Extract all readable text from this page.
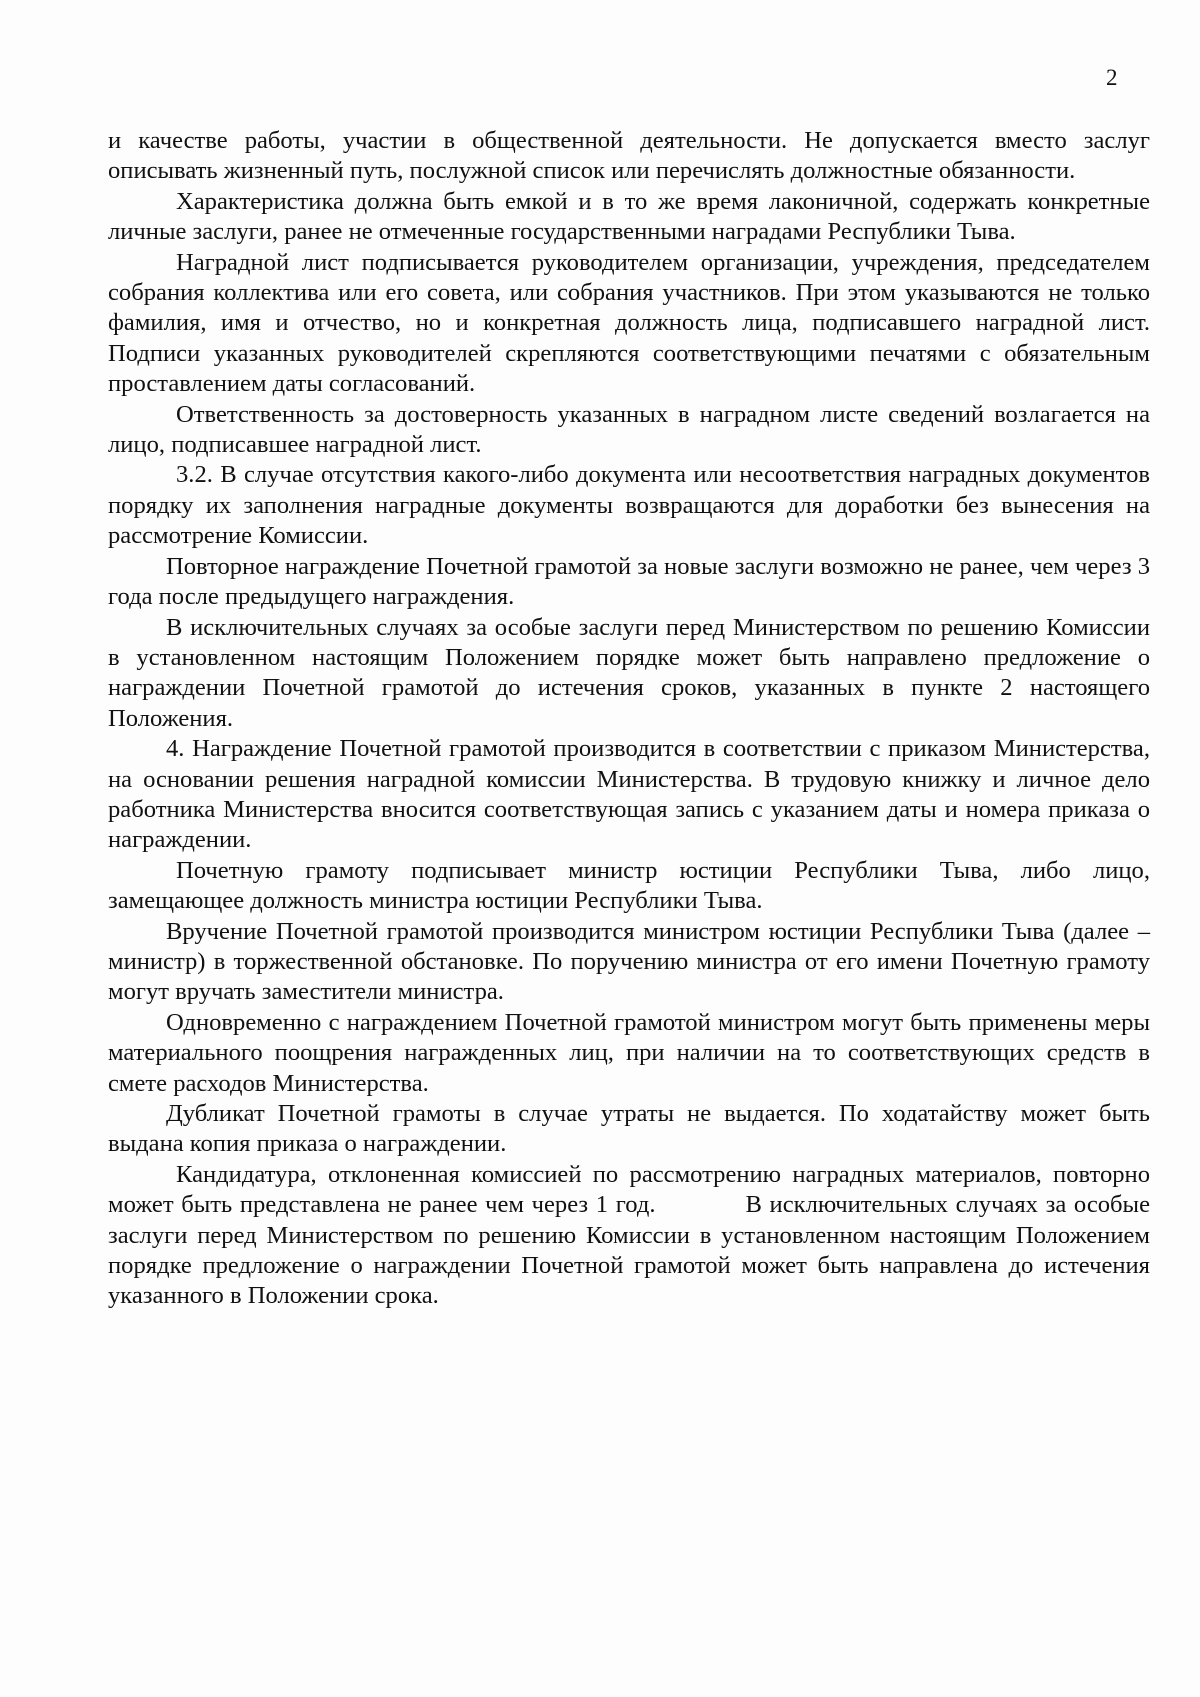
2

и качестве работы, участии в общественной деятельности. Не допускается вместо заслуг описывать жизненный путь, послужной список или перечислять должностные обязанности.

Характеристика должна быть емкой и в то же время лаконичной, содержать конкретные личные заслуги, ранее не отмеченные государственными наградами Республики Тыва.

Наградной лист подписывается руководителем организации, учреждения, председателем собрания коллектива или его совета, или собрания участников. При этом указываются не только фамилия, имя и отчество, но и конкретная должность лица, подписавшего наградной лист. Подписи указанных руководителей скрепляются соответствующими печатями с обязательным проставлением даты согласований.

Ответственность за достоверность указанных в наградном листе сведений возлагается на лицо, подписавшее наградной лист.

3.2. В случае отсутствия какого-либо документа или несоответствия наградных документов порядку их заполнения наградные документы возвращаются для доработки без вынесения на рассмотрение Комиссии.

Повторное награждение Почетной грамотой за новые заслуги возможно не ранее, чем через 3 года после предыдущего награждения.

В исключительных случаях за особые заслуги перед Министерством по решению Комиссии в установленном настоящим Положением порядке может быть направлено предложение о награждении Почетной грамотой до истечения сроков, указанных в пункте 2 настоящего Положения.

4. Награждение Почетной грамотой производится в соответствии с приказом Министерства, на основании решения наградной комиссии Министерства. В трудовую книжку и личное дело работника Министерства вносится соответствующая запись с указанием даты и номера приказа о награждении.

Почетную грамоту подписывает министр юстиции Республики Тыва, либо лицо, замещающее должность министра юстиции Республики Тыва.

Вручение Почетной грамотой производится министром юстиции Республики Тыва (далее – министр) в торжественной обстановке. По поручению министра от его имени Почетную грамоту могут вручать заместители министра.

Одновременно с награждением Почетной грамотой министром могут быть применены меры материального поощрения награжденных лиц, при наличии на то соответствующих средств в смете расходов Министерства.

Дубликат Почетной грамоты в случае утраты не выдается. По ходатайству может быть выдана копия приказа о награждении.

Кандидатура, отклоненная комиссией по рассмотрению наградных материалов, повторно может быть представлена не ранее чем через 1 год.	В исключительных случаях за особые заслуги перед Министерством по решению Комиссии в установленном настоящим Положением порядке предложение о награждении Почетной грамотой может быть направлена до истечения указанного в Положении срока.
